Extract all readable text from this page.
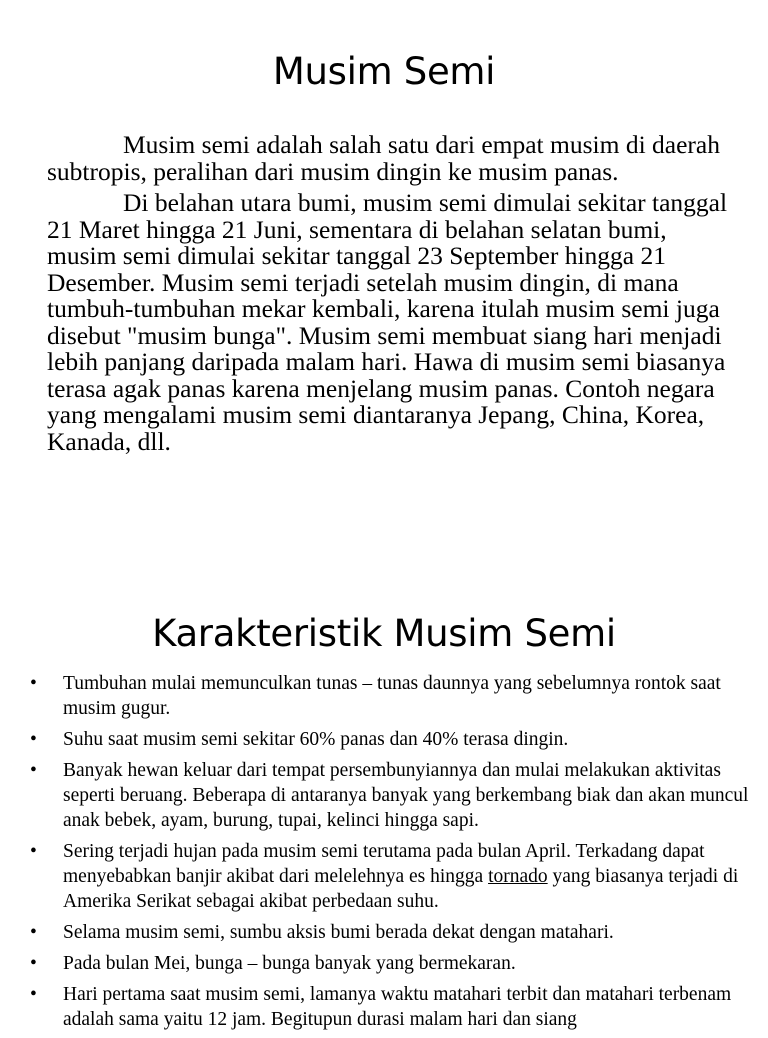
Musim Semi

Musim semi adalah salah satu dari empat musim di daerah subtropis, peralihan dari musim dingin ke musim panas.

Di belahan utara bumi, musim semi dimulai sekitar tanggal 21 Maret hingga 21 Juni, sementara di belahan selatan bumi, musim semi dimulai sekitar tanggal 23 September hingga 21 Desember. Musim semi terjadi setelah musim dingin, di mana tumbuh-tumbuhan mekar kembali, karena itulah musim semi juga disebut "musim bunga". Musim semi membuat siang hari menjadi lebih panjang daripada malam hari. Hawa di musim semi biasanya terasa agak panas karena menjelang musim panas. Contoh negara yang mengalami musim semi diantaranya Jepang, China, Korea, Kanada, dll.

Karakteristik Musim Semi
• Tumbuhan mulai memunculkan tunas – tunas daunnya yang sebelumnya rontok saat musim gugur.
• Suhu saat musim semi sekitar 60% panas dan 40% terasa dingin.
• Banyak hewan keluar dari tempat persembunyiannya dan mulai melakukan aktivitas seperti beruang. Beberapa di antaranya banyak yang berkembang biak dan akan muncul anak bebek, ayam, burung, tupai, kelinci hingga sapi.
• Sering terjadi hujan pada musim semi terutama pada bulan April. Terkadang dapat menyebabkan banjir akibat dari melelehnya es hingga tornado yang biasanya terjadi di Amerika Serikat sebagai akibat perbedaan suhu.
• Selama musim semi, sumbu aksis bumi berada dekat dengan matahari.
• Pada bulan Mei, bunga – bunga banyak yang bermekaran.
• Hari pertama saat musim semi, lamanya waktu matahari terbit dan matahari terbenam adalah sama yaitu 12 jam. Begitupun durasi malam hari dan siang
